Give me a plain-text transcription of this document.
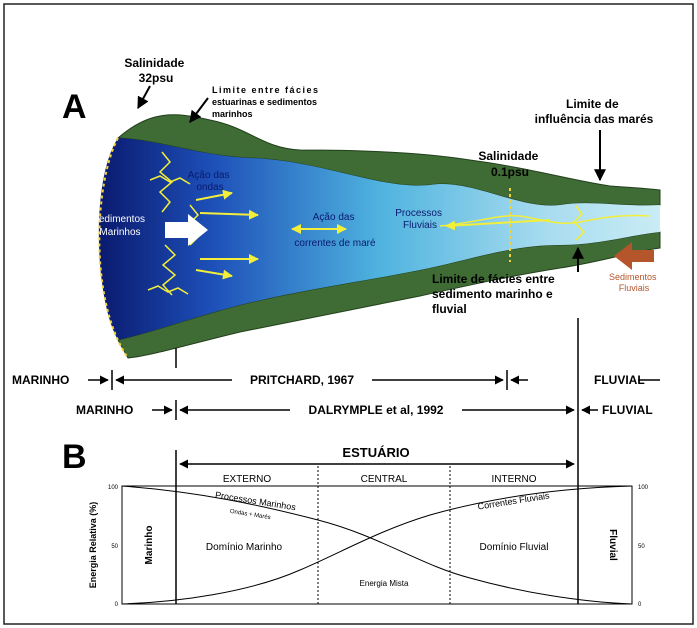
A
Sedimentos Marinhos
Ação das ondas
Ação das correntes de maré
Processos Fluviais
Salinidade 32psu
Limite entre fácies estuarinas e sedimentos marinhos
Limite de influência das marés
Salinidade 0.1psu
Sedimentos Fluviais
Limite de fácies entre sedimento marinho e fluvial
MARINHO	PRITCHARD, 1967	FLUVIAL
MARINHO	DALRYMPLE et al, 1992	FLUVIAL
B	ESTUÁRIO
EXTERNO	CENTRAL	INTERNO
100
50
0
100
50
0
Energia Relativa (%)	Marinho	Fluvial
Processos Marinhos
Ondas + Marés
Correntes Fluviais
Domínio Marinho	Domínio Fluvial
Energia Mista
